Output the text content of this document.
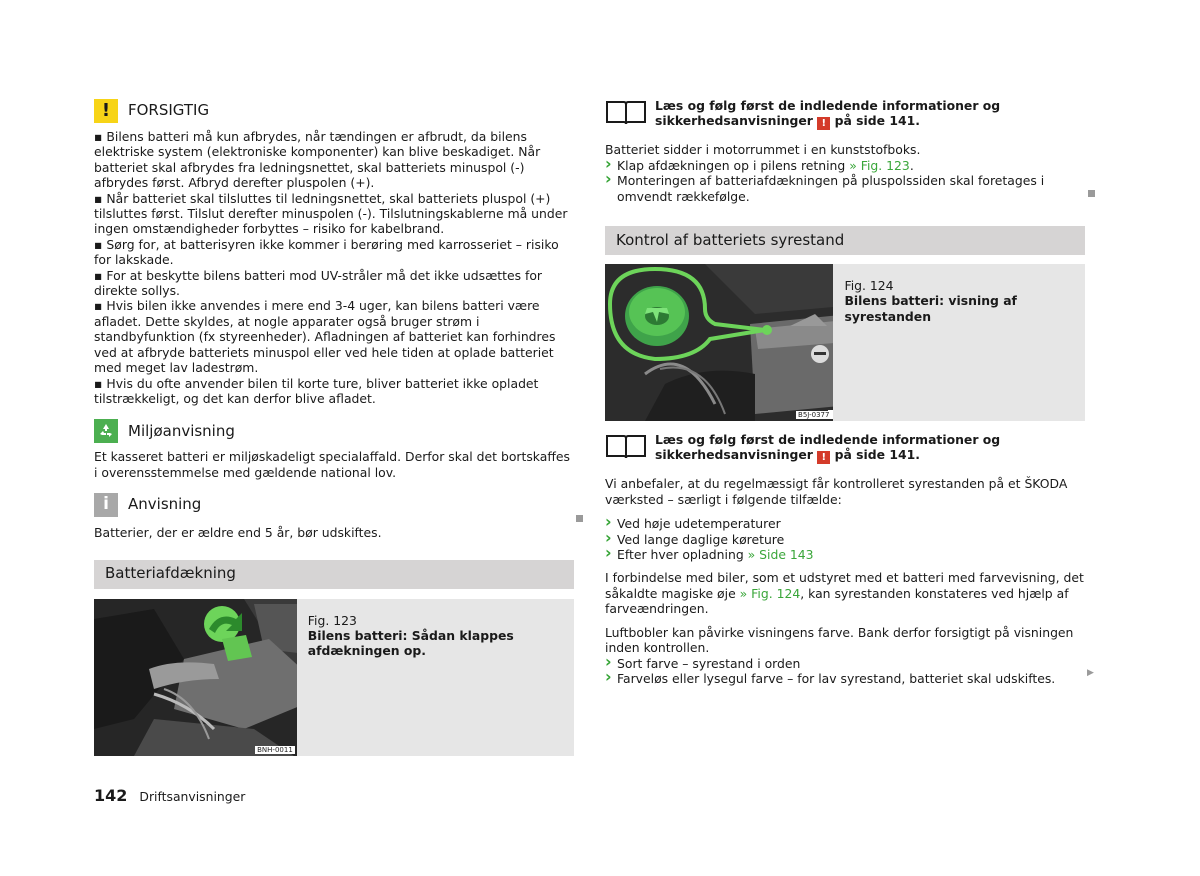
!	FORSIGTIG

▪ Bilens batteri må kun afbrydes, når tændingen er afbrudt, da bilens elektriske system (elektroniske komponenter) kan blive beskadiget. Når batteriet skal afbrydes fra ledningsnettet, skal batteriets minuspol (-) afbrydes først. Afbryd derefter pluspolen (+).

▪ Når batteriet skal tilsluttes til ledningsnettet, skal batteriets pluspol (+) tilsluttes først. Tilslut derefter minuspolen (-). Tilslutningskablerne må under ingen omstændigheder forbyttes – risiko for kabelbrand.

▪ Sørg for, at batterisyren ikke kommer i berøring med karrosseriet – risiko for lakskade.

▪ For at beskytte bilens batteri mod UV-stråler må det ikke udsættes for direkte sollys.

▪ Hvis bilen ikke anvendes i mere end 3-4 uger, kan bilens batteri være afladet. Dette skyldes, at nogle apparater også bruger strøm i standbyfunktion (fx styreenheder). Afladningen af batteriet kan forhindres ved at afbryde batteriets minuspol eller ved hele tiden at oplade batteriet med meget lav ladestrøm.

▪ Hvis du ofte anvender bilen til korte ture, bliver batteriet ikke opladet tilstrækkeligt, og det kan derfor blive afladet.

Miljøanvisning

Et kasseret batteri er miljøskadeligt specialaffald. Derfor skal det bortskaffes i overensstemmelse med gældende national lov.

i	Anvisning

Batterier, der er ældre end 5 år, bør udskiftes.

Batteriafdækning
BNH-0011

Fig. 123

Bilens batteri: Sådan klappes afdækningen op.

Læs og følg først de indledende informationer og sikkerhedsanvisninger ! på side 141.

Batteriet sidder i motorrummet i en kunststofboks.

› Klap afdækningen op i pilens retning » Fig. 123.

› Monteringen af batteriafdækningen på pluspolssiden skal foretages i omvendt rækkefølge.

Kontrol af batteriets syrestand
B5J-0377

Fig. 124

Bilens batteri: visning af syrestanden

Læs og følg først de indledende informationer og sikkerhedsanvisninger ! på side 141.

Vi anbefaler, at du regelmæssigt får kontrolleret syrestanden på et ŠKODA værksted – særligt i følgende tilfælde:

› Ved høje udetemperaturer

› Ved lange daglige køreture

› Efter hver opladning » Side 143

I forbindelse med biler, som et udstyret med et batteri med farvevisning, det såkaldte magiske øje » Fig. 124, kan syrestanden konstateres ved hjælp af farveændringen.

Luftbobler kan påvirke visningens farve. Bank derfor forsigtigt på visningen inden kontrollen.

› Sort farve – syrestand i orden

› Farveløs eller lysegul farve – for lav syrestand, batteriet skal udskiftes.	▶
142 Driftsanvisninger
